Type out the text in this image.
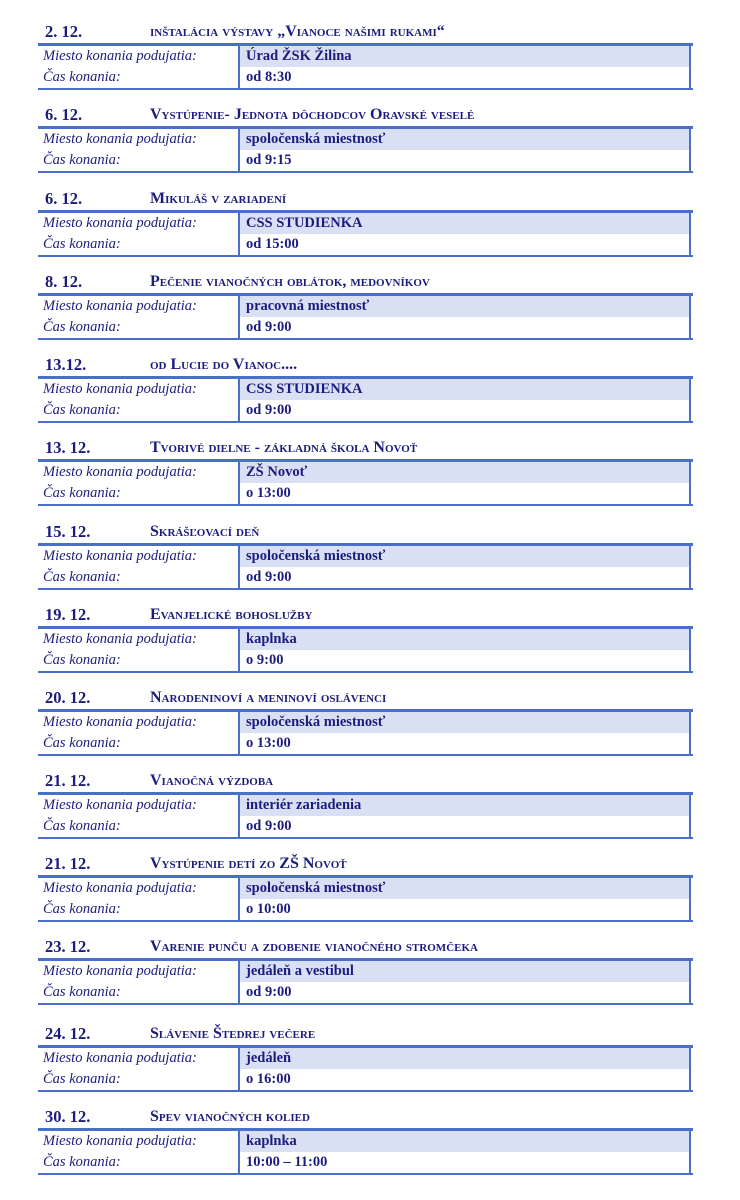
2. 12.	inštalácia výstavy „Vianoce našimi rukami“
Miesto konania podujatia:	Úrad ŽSK Žilina
Čas konania:	od 8:30
6. 12.	Vystúpenie- Jednota dôchodcov Oravské veselé
Miesto konania podujatia:	spoločenská miestnosť
Čas konania:	od 9:15
6. 12.	Mikuláš v zariadení
Miesto konania podujatia:	CSS STUDIENKA
Čas konania:	od 15:00
8. 12.	Pečenie vianočných oblátok, medovníkov
Miesto konania podujatia:	pracovná miestnosť
Čas konania:	od 9:00
13.12.	od Lucie do Vianoc....
Miesto konania podujatia:	CSS STUDIENKA
Čas konania:	od 9:00
13. 12.	Tvorivé dielne - základná škola Novoť
Miesto konania podujatia:	ZŠ Novoť
Čas konania:	o 13:00
15. 12.	Skrášľovací deň
Miesto konania podujatia:	spoločenská miestnosť
Čas konania:	od 9:00
19. 12.	Evanjelické bohoslužby
Miesto konania podujatia:	kaplnka
Čas konania:	o 9:00
20. 12.	Narodeninoví a meninoví oslávenci
Miesto konania podujatia:	spoločenská miestnosť
Čas konania:	o 13:00
21. 12.	Vianočná výzdoba
Miesto konania podujatia:	interiér zariadenia
Čas konania:	od 9:00
21. 12.	Vystúpenie detí zo ZŠ Novoť
Miesto konania podujatia:	spoločenská miestnosť
Čas konania:	o 10:00
23. 12.	Varenie punču a zdobenie vianočného stromčeka
Miesto konania podujatia:	jedáleň a vestibul
Čas konania:	od 9:00
24. 12.	Slávenie Štedrej večere
Miesto konania podujatia:	jedáleň
Čas konania:	o 16:00
30. 12.	Spev vianočných kolied
Miesto konania podujatia:	kaplnka
Čas konania:	10:00 – 11:00
